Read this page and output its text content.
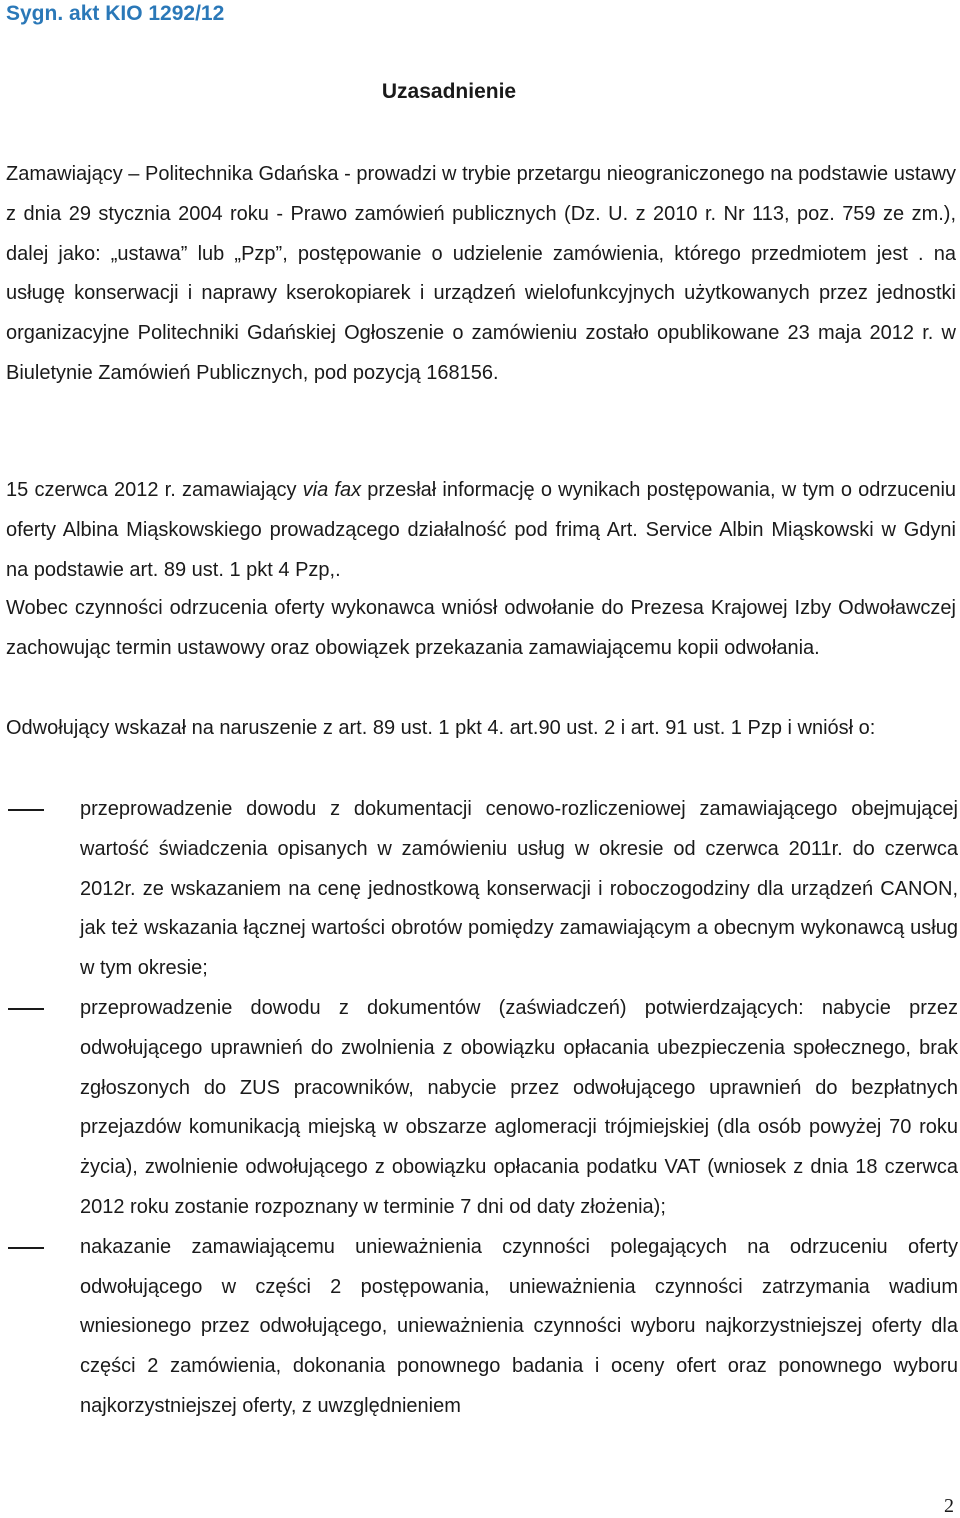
Sygn. akt KIO 1292/12
Uzasadnienie
Zamawiający – Politechnika Gdańska - prowadzi w trybie przetargu nieograniczonego na podstawie ustawy z dnia 29 stycznia 2004 roku - Prawo zamówień publicznych (Dz. U. z 2010 r. Nr 113, poz. 759 ze zm.), dalej jako: „ustawa” lub „Pzp”, postępowanie o udzielenie zamówienia, którego przedmiotem jest . na usługę konserwacji i naprawy kserokopiarek i urządzeń wielofunkcyjnych użytkowanych przez jednostki organizacyjne Politechniki Gdańskiej Ogłoszenie o zamówieniu zostało opublikowane 23 maja 2012 r. w Biuletynie Zamówień Publicznych, pod pozycją 168156.
15 czerwca 2012 r. zamawiający via fax przesłał informację o wynikach postępowania, w tym o odrzuceniu oferty Albina Miąskowskiego prowadzącego działalność pod frimą Art. Service Albin Miąskowski w Gdyni na podstawie art. 89 ust. 1 pkt 4 Pzp,.
Wobec czynności odrzucenia oferty wykonawca wniósł odwołanie do Prezesa Krajowej Izby Odwoławczej zachowując termin ustawowy oraz obowiązek przekazania zamawiającemu kopii odwołania.
Odwołujący wskazał na naruszenie z art. 89 ust. 1 pkt 4. art.90 ust. 2 i art. 91 ust. 1 Pzp i wniósł o:
przeprowadzenie dowodu z dokumentacji cenowo-rozliczeniowej zamawiającego obejmującej wartość świadczenia opisanych w zamówieniu usług w okresie od czerwca 2011r. do czerwca 2012r. ze wskazaniem na cenę jednostkową konserwacji i roboczogodziny dla urządzeń CANON, jak też wskazania łącznej wartości obrotów pomiędzy zamawiającym a obecnym wykonawcą usług w tym okresie;
przeprowadzenie dowodu z dokumentów (zaświadczeń) potwierdzających: nabycie przez odwołującego uprawnień do zwolnienia z obowiązku opłacania ubezpieczenia społecznego, brak zgłoszonych do ZUS pracowników, nabycie przez odwołującego uprawnień do bezpłatnych przejazdów komunikacją miejską w obszarze aglomeracji trójmiejskiej (dla osób powyżej 70 roku życia), zwolnienie odwołującego z obowiązku opłacania podatku VAT (wniosek z dnia 18 czerwca 2012 roku zostanie rozpoznany w terminie 7 dni od daty złożenia);
nakazanie zamawiającemu unieważnienia czynności polegających na odrzuceniu oferty odwołującego w części 2 postępowania, unieważnienia czynności zatrzymania wadium wniesionego przez odwołującego, unieważnienia czynności wyboru najkorzystniejszej oferty dla części 2 zamówienia, dokonania ponownego badania i oceny ofert oraz ponownego wyboru najkorzystniejszej oferty, z uwzględnieniem
2
